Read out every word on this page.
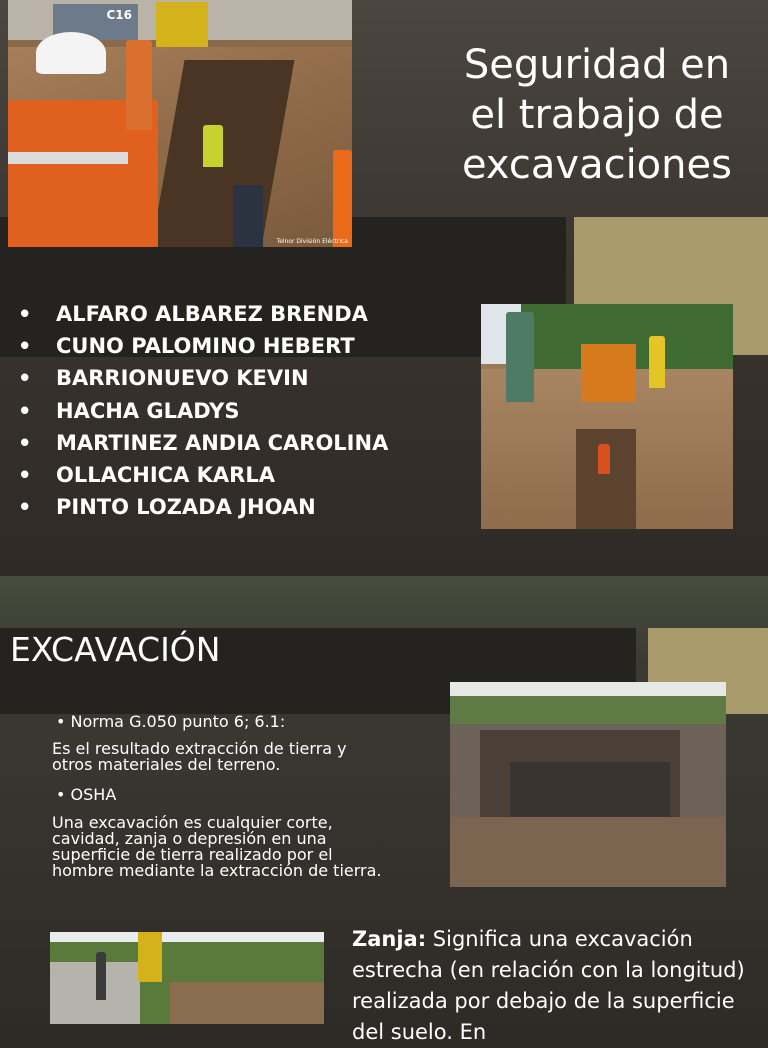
C16
Telnor División Eléctrica
Seguridad en el trabajo de excavaciones
• ALFARO ALBAREZ BRENDA
• CUNO PALOMINO HEBERT
• BARRIONUEVO KEVIN
• HACHA GLADYS
• MARTINEZ ANDIA CAROLINA
• OLLACHICA KARLA
• PINTO LOZADA JHOAN
EXCAVACIÓN
• Norma G.050 punto 6; 6.1:

Es el resultado extracción de tierra y otros materiales del terreno.

• OSHA

Una excavación es cualquier corte, cavidad, zanja o depresión en una superficie de tierra realizado por el hombre mediante la extracción de tierra.

Zanja: Significa una excavación estrecha (en relación con la longitud) realizada por debajo de la superficie del suelo. En
